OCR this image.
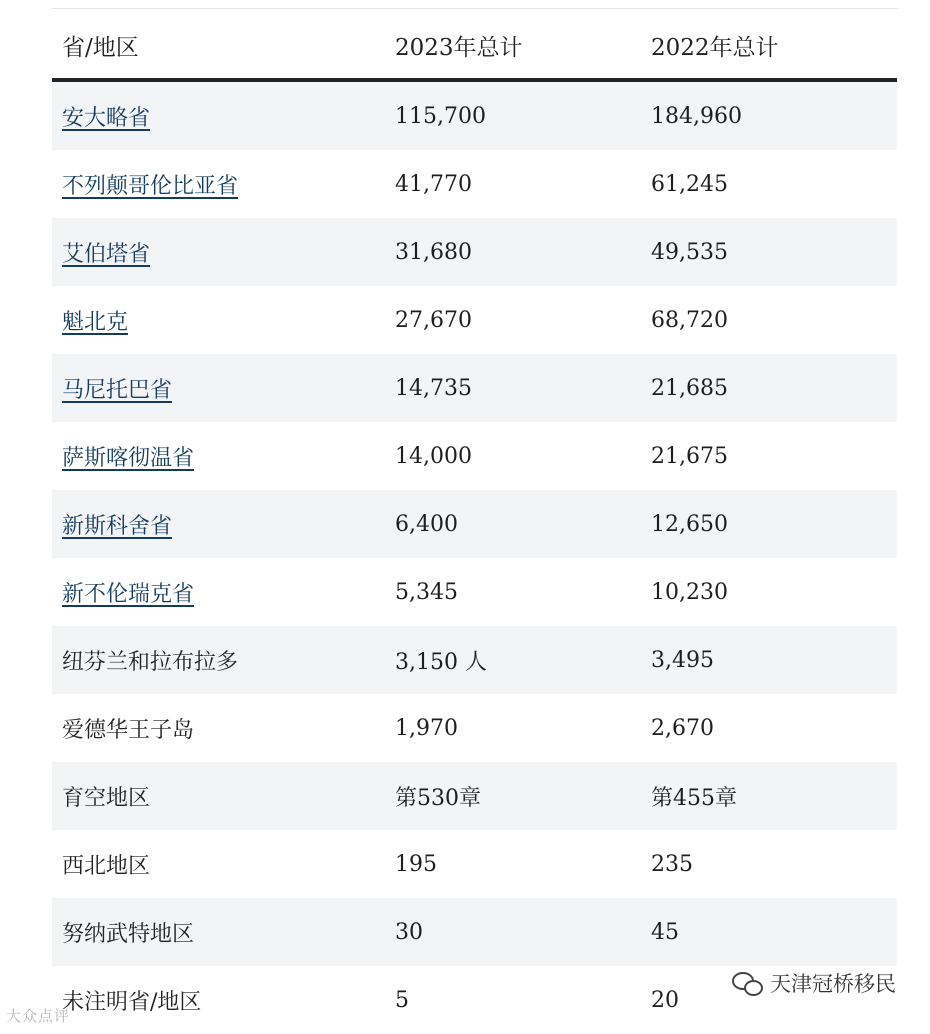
省/地区	2023年总计	2022年总计
安大略省	115,700	184,960
不列颠哥伦比亚省	41,770	61,245
艾伯塔省	31,680	49,535
魁北克	27,670	68,720
马尼托巴省	14,735	21,685
萨斯喀彻温省	14,000	21,675
新斯科舍省	6,400	12,650
新不伦瑞克省	5,345	10,230
纽芬兰和拉布拉多	3,150 人	3,495
爱德华王子岛	1,970	2,670
育空地区	第530章	第455章
西北地区	195	235
努纳武特地区	30	45
未注明省/地区	5	20
天津冠桥移民
大众点评
